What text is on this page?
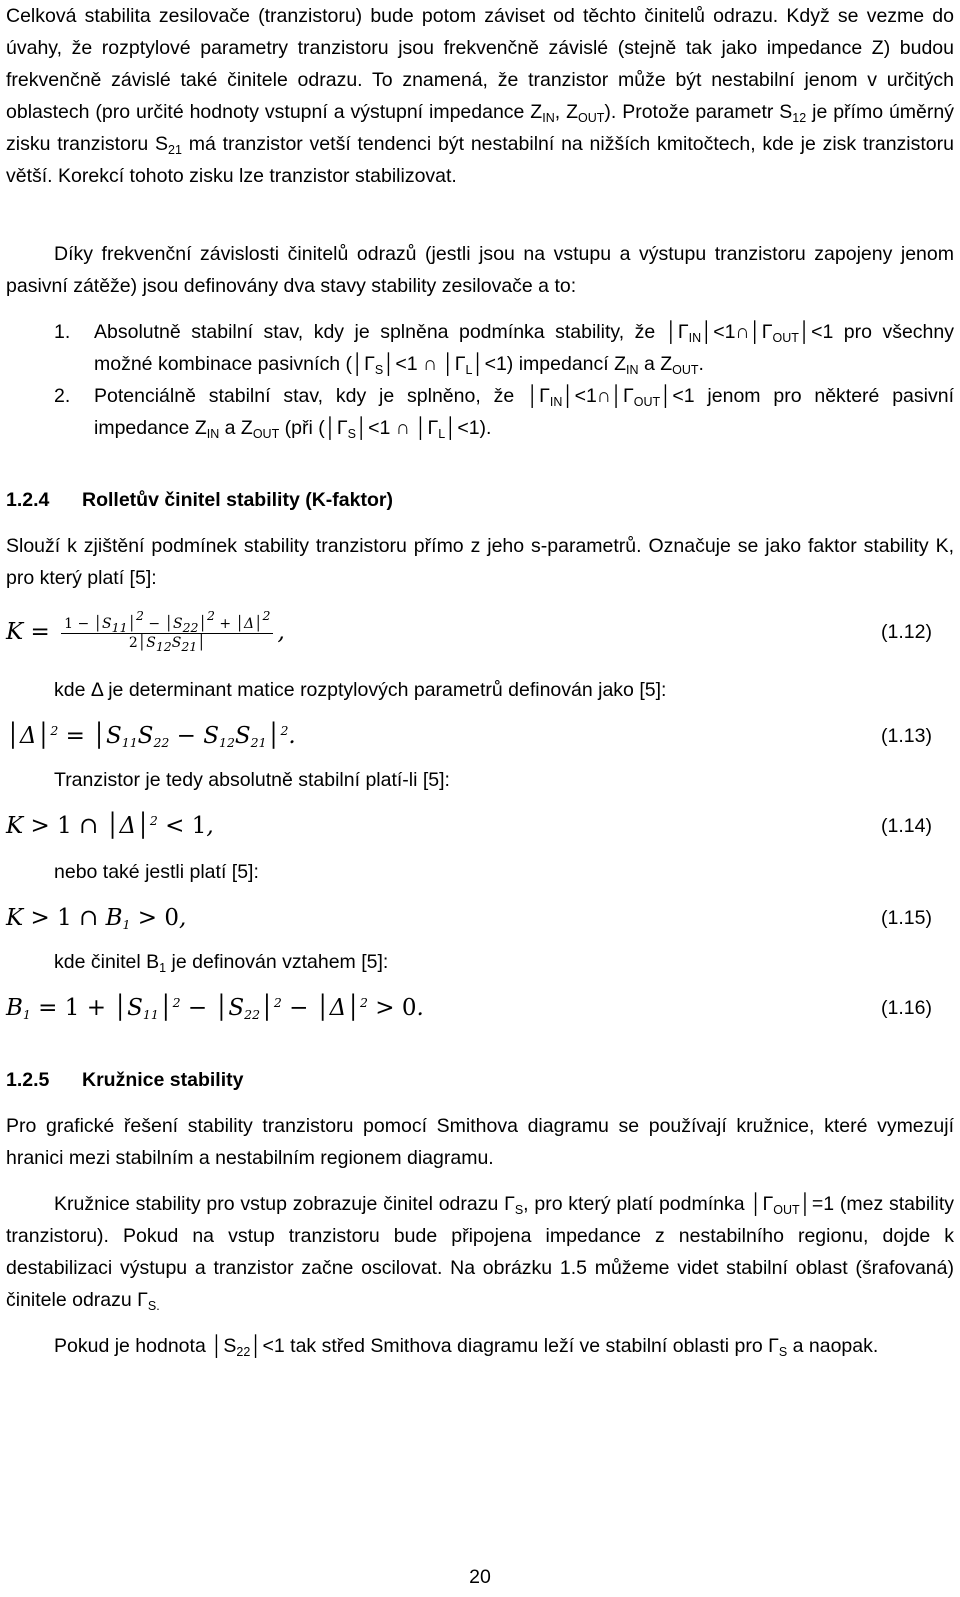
Celková stabilita zesilovače (tranzistoru) bude potom záviset od těchto činitelů odrazu. Když se vezme do úvahy, že rozptylové parametry tranzistoru jsou frekvenčně závislé (stejně tak jako impedance Z) budou frekvenčně závislé také činitele odrazu. To znamená, že tranzistor může být nestabilní jenom v určitých oblastech (pro určité hodnoty vstupní a výstupní impedance $Z_{IN}$, $Z_{OUT}$). Protože parametr $S_{12}$ je přímo úměrný zisku tranzistoru $S_{21}$ má tranzistor vetší tendenci být nestabilní na nižších kmitočtech, kde je zisk tranzistoru větší. Korekcí tohoto zisku lze tranzistor stabilizovat.

Díky frekvenční závislosti činitelů odrazů (jestli jsou na vstupu a výstupu tranzistoru zapojeny jenom pasivní zátěže) jsou definovány dva stavy stability zesilovače a to:

1.	Absolutně stabilní stav, kdy je splněna podmínka stability, že $│\Gamma_{IN}│<1\cap│\Gamma_{OUT}│<1$ pro všechny možné kombinace pasivních ($│\Gamma_S│<1$ ∩ $│\Gamma_L│<1$) impedancí $Z_{IN}$ a $Z_{OUT}$.
2.	Potenciálně stabilní stav, kdy je splněno, že $│\Gamma_{IN}│<1\cap│\Gamma_{OUT}│<1$ jenom pro některé pasivní impedance $Z_{IN}$ a $Z_{OUT}$ (při ($│\Gamma_S│<1$ ∩ $│\Gamma_L│<1$).
1.2.4 Rolletův činitel stability (K-faktor)

Slouží k zjištění podmínek stability tranzistoru přímo z jeho s-parametrů. Označuje se jako faktor stability K, pro který platí [5]:

$K = \frac{1 - │S11│2 - │S22│2 + │\Delta│2}{2│S12S21│}$ ,	(1.12)

kde Δ je determinant matice rozptylových parametrů definován jako [5]:

│Δ│$^2$ = $│S_{11}S_{22}$ − $S_{12}S_{21}│^2$.	(1.13)

Tranzistor je tedy absolutně stabilní platí-li [5]:

K > 1 ∩ │Δ│$^2$ < 1,	(1.14)

nebo také jestli platí [5]:

K > 1 ∩ $B_1 > 0$,	(1.15)

kde činitel $B_1$ je definován vztahem [5]:

$B_1 = 1$ + $│S_{11}│^2$ − $│S_{22}│^2$ − │Δ│$^2$ > 0.	(1.16)
1.2.5 Kružnice stability

Pro grafické řešení stability tranzistoru pomocí Smithova diagramu se používají kružnice, které vymezují hranici mezi stabilním a nestabilním regionem diagramu.

Kružnice stability pro vstup zobrazuje činitel odrazu $\Gamma_S$, pro který platí podmínka $│\Gamma_{OUT}│=1$ (mez stability tranzistoru). Pokud na vstup tranzistoru bude připojena impedance z nestabilního regionu, dojde k destabilizaci výstupu a tranzistor začne oscilovat. Na obrázku 1.5 můžeme videt stabilní oblast (šrafovaná) činitele odrazu $\Gamma_{S.}$

Pokud je hodnota $│S_{22}│<1$ tak střed Smithova diagramu leží ve stabilní oblasti pro $\Gamma_S$ a naopak.

20
